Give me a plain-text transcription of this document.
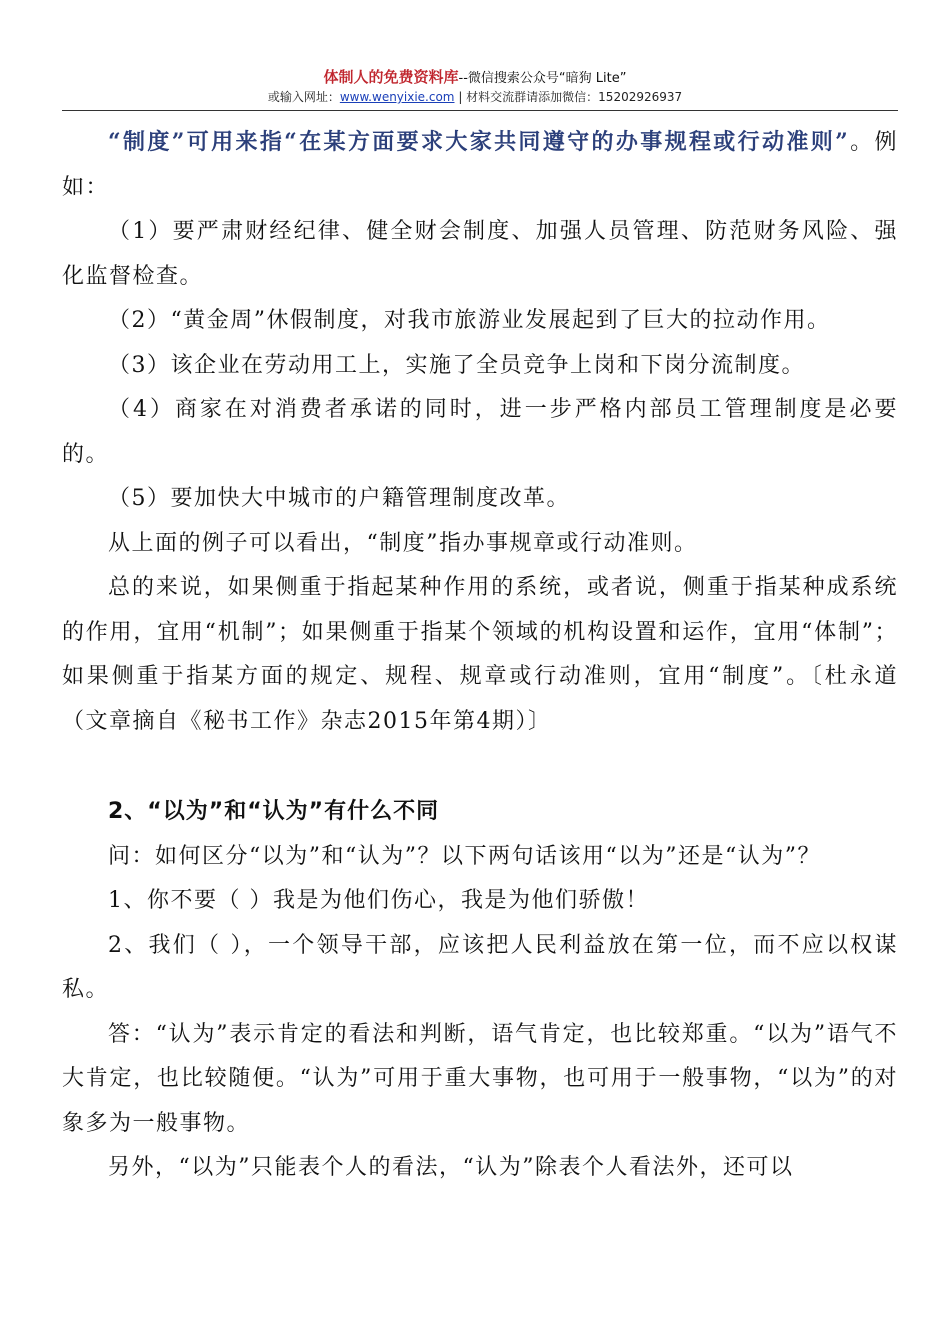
体制人的免费资料库--微信搜索公众号“暗狗 Lite”
或输入网址：www.wenyixie.com | 材料交流群请添加微信：15202926937

“制度”可用来指“在某方面要求大家共同遵守的办事规程或行动准则”。例如：

（1）要严肃财经纪律、健全财会制度、加强人员管理、防范财务风险、强化监督检查。

（2）“黄金周”休假制度，对我市旅游业发展起到了巨大的拉动作用。

（3）该企业在劳动用工上，实施了全员竞争上岗和下岗分流制度。

（4）商家在对消费者承诺的同时，进一步严格内部员工管理制度是必要的。

（5）要加快大中城市的户籍管理制度改革。

从上面的例子可以看出，“制度”指办事规章或行动准则。

总的来说，如果侧重于指起某种作用的系统，或者说，侧重于指某种成系统的作用，宜用“机制”；如果侧重于指某个领域的机构设置和运作，宜用“体制”；如果侧重于指某方面的规定、规程、规章或行动准则，宜用“制度”。〔杜永道（文章摘自《秘书工作》杂志2015年第4期）〕

2、“以为”和“认为”有什么不同

问：如何区分“以为”和“认为”？以下两句话该用“以为”还是“认为”？

1、你不要（ ）我是为他们伤心，我是为他们骄傲！

2、我们（ ），一个领导干部，应该把人民利益放在第一位，而不应以权谋私。

答：“认为”表示肯定的看法和判断，语气肯定，也比较郑重。“以为”语气不大肯定，也比较随便。“认为”可用于重大事物，也可用于一般事物，“以为”的对象多为一般事物。

另外，“以为”只能表个人的看法，“认为”除表个人看法外，还可以
